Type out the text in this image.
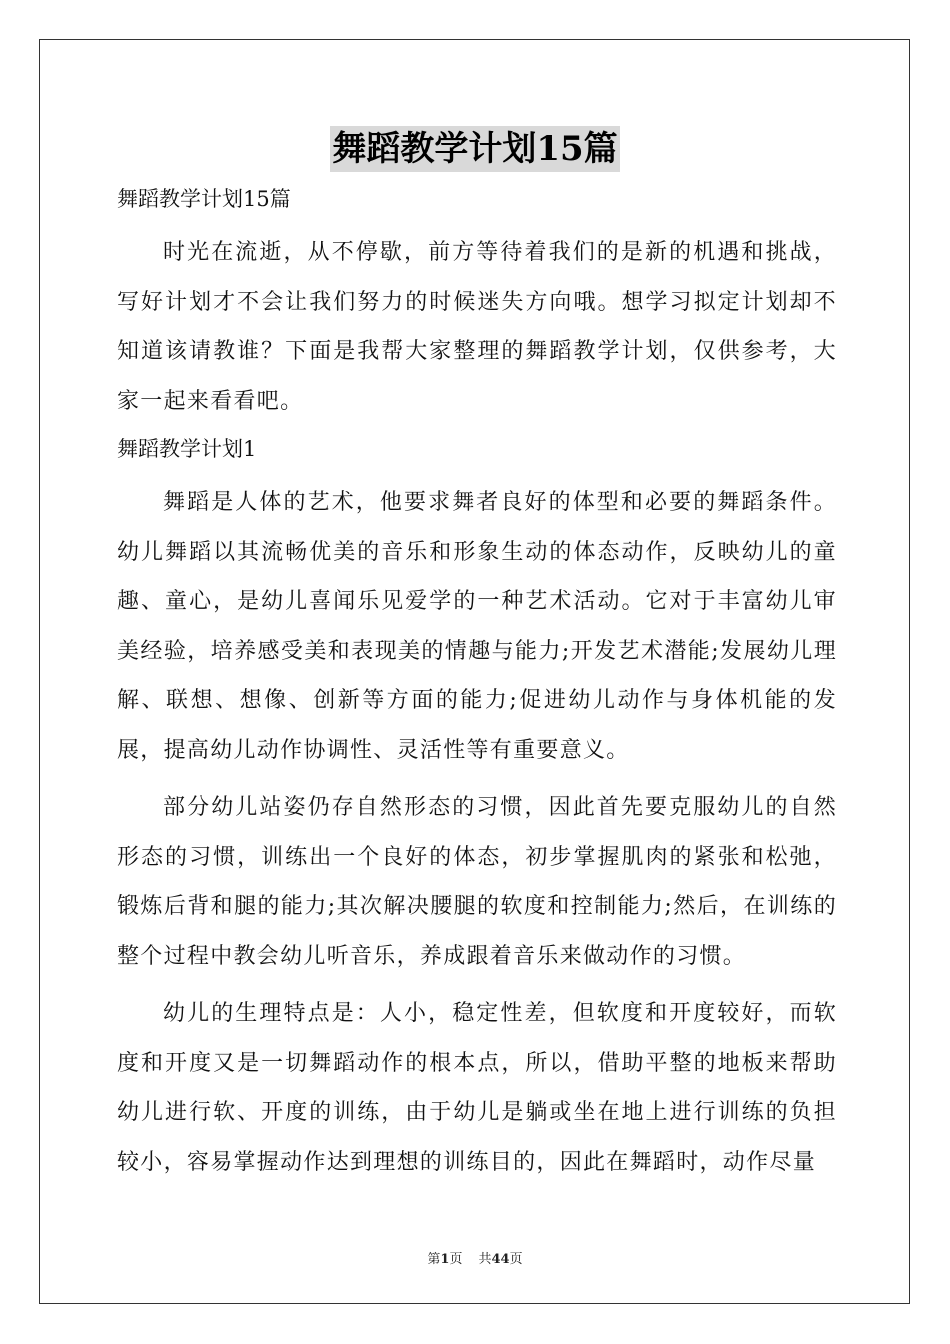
舞蹈教学计划15篇

舞蹈教学计划15篇

时光在流逝，从不停歇，前方等待着我们的是新的机遇和挑战，写好计划才不会让我们努力的时候迷失方向哦。想学习拟定计划却不知道该请教谁？下面是我帮大家整理的舞蹈教学计划，仅供参考，大家一起来看看吧。

舞蹈教学计划1

舞蹈是人体的艺术，他要求舞者良好的体型和必要的舞蹈条件。幼儿舞蹈以其流畅优美的音乐和形象生动的体态动作，反映幼儿的童趣、童心，是幼儿喜闻乐见爱学的一种艺术活动。它对于丰富幼儿审美经验，培养感受美和表现美的情趣与能力;开发艺术潜能;发展幼儿理解、联想、想像、创新等方面的能力;促进幼儿动作与身体机能的发展，提高幼儿动作协调性、灵活性等有重要意义。

部分幼儿站姿仍存自然形态的习惯，因此首先要克服幼儿的自然形态的习惯，训练出一个良好的体态，初步掌握肌肉的紧张和松弛，锻炼后背和腿的能力;其次解决腰腿的软度和控制能力;然后，在训练的整个过程中教会幼儿听音乐，养成跟着音乐来做动作的习惯。

幼儿的生理特点是：人小，稳定性差，但软度和开度较好，而软度和开度又是一切舞蹈动作的根本点，所以，借助平整的地板来帮助幼儿进行软、开度的训练，由于幼儿是躺或坐在地上进行训练的负担较小，容易掌握动作达到理想的训练目的，因此在舞蹈时，动作尽量

第1页 共44页
